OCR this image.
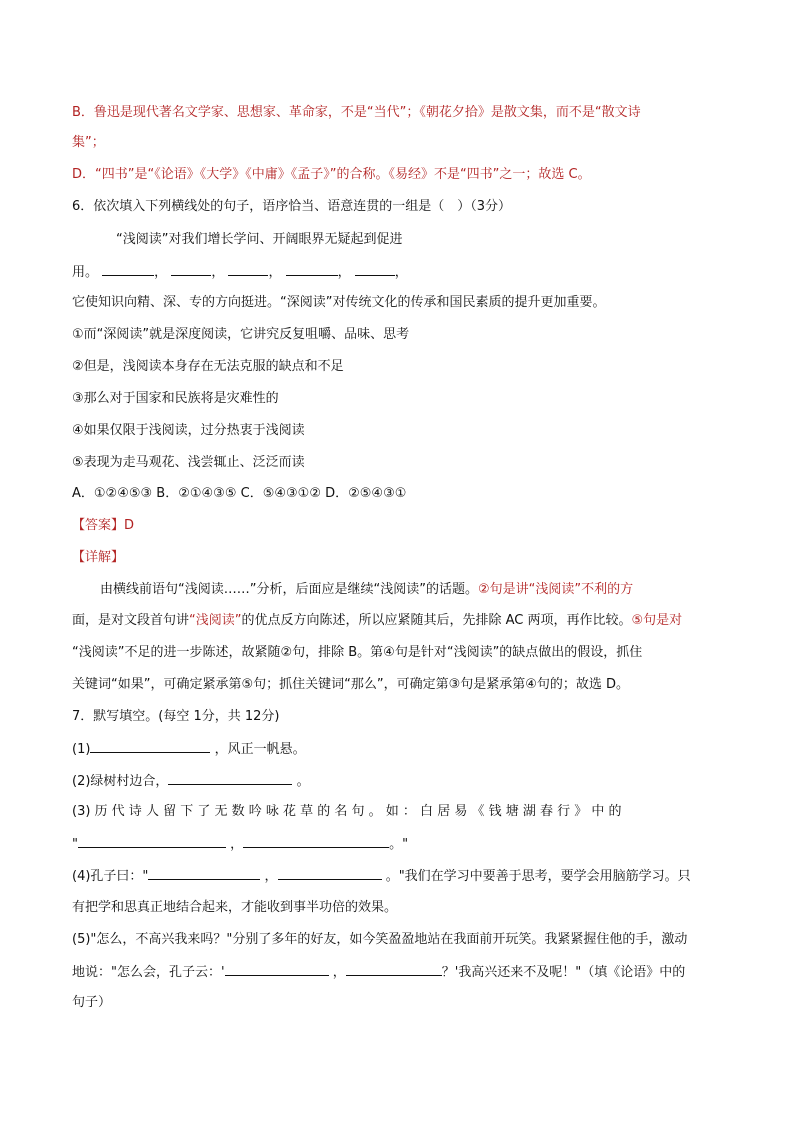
B．鲁迅是现代著名文学家、思想家、革命家，不是“当代”；《朝花夕拾》是散文集，而不是“散文诗
集”；
D．“四书”是“《论语》《大学》《中庸》《孟子》”的合称。《易经》不是“四书”之一；故选 C。
6．依次填入下列横线处的句子，语序恰当、语意连贯的一组是（　）（3分）
“浅阅读”对我们增长学问、开阔眼界无疑起到促进
用。	，	，	，	，	，
它使知识向精、深、专的方向挺进。“深阅读”对传统文化的传承和国民素质的提升更加重要。
①而“深阅读”就是深度阅读，它讲究反复咀嚼、品味、思考
②但是，浅阅读本身存在无法克服的缺点和不足
③那么对于国家和民族将是灾难性的
④如果仅限于浅阅读，过分热衷于浅阅读
⑤表现为走马观花、浅尝辄止、泛泛而读
A．①②④⑤③ B．②①④③⑤ C．⑤④③①② D．②⑤④③①
【答案】D
【详解】
由横线前语句“浅阅读……”分析，后面应是继续“浅阅读”的话题。②句是讲“浅阅读”不利的方
面，是对文段首句讲“浅阅读”的优点反方向陈述，所以应紧随其后，先排除 AC 两项，再作比较。⑤句是对
“浅阅读”不足的进一步陈述，故紧随②句，排除 B。第④句是针对“浅阅读”的缺点做出的假设，抓住
关键词“如果”，可确定紧承第⑤句；抓住关键词“那么”，可确定第③句是紧承第④句的；故选 D。
7．默写填空。(每空 1分，共 12分)
(1)	，风正一帆悬。
(2)绿树村边合，	。
(3) 历 代 诗 人 留 下 了 无 数 吟 咏 花 草 的 名 句 。 如 ： 白 居 易 《 钱 塘 湖 春 行 》 中 的
"	，	。"
(4)孔子曰："	，	。"我们在学习中要善于思考，要学会用脑筋学习。只
有把学和思真正地结合起来，才能收到事半功倍的效果。
(5)"怎么，不高兴我来吗？"分别了多年的好友，如今笑盈盈地站在我面前开玩笑。我紧紧握住他的手，激动
地说："怎么会，孔子云：'	，	？'我高兴还来不及呢！"（填《论语》中的
句子）
